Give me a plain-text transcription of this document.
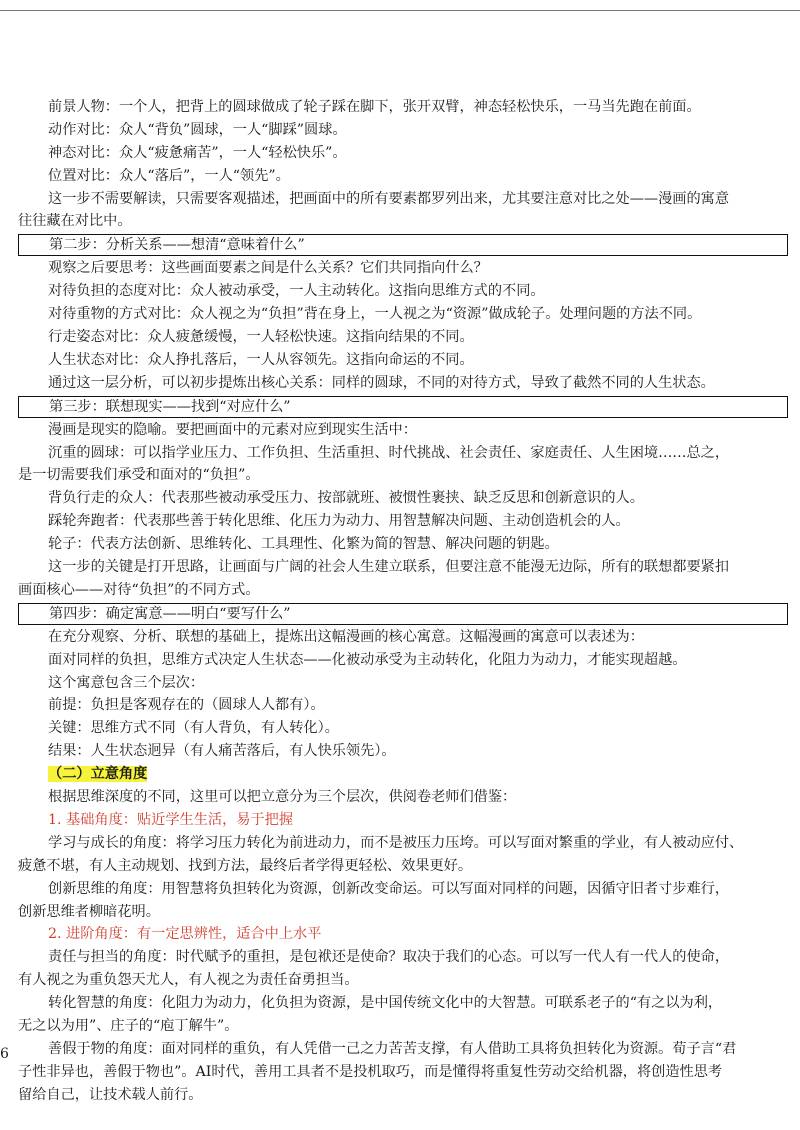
前景人物：一个人，把背上的圆球做成了轮子踩在脚下，张开双臂，神态轻松快乐，一马当先跑在前面。
动作对比：众人“背负”圆球，一人“脚踩”圆球。
神态对比：众人“疲惫痛苦”，一人“轻松快乐”。
位置对比：众人“落后”，一人“领先”。
这一步不需要解读，只需要客观描述，把画面中的所有要素都罗列出来，尤其要注意对比之处——漫画的寓意
往往藏在对比中。
第二步：分析关系——想清“意味着什么”
观察之后要思考：这些画面要素之间是什么关系？它们共同指向什么？
对待负担的态度对比：众人被动承受，一人主动转化。这指向思维方式的不同。
对待重物的方式对比：众人视之为“负担”背在身上，一人视之为“资源”做成轮子。处理问题的方法不同。
行走姿态对比：众人疲惫缓慢，一人轻松快速。这指向结果的不同。
人生状态对比：众人挣扎落后，一人从容领先。这指向命运的不同。
通过这一层分析，可以初步提炼出核心关系：同样的圆球，不同的对待方式，导致了截然不同的人生状态。
第三步：联想现实——找到“对应什么”
漫画是现实的隐喻。要把画面中的元素对应到现实生活中：
沉重的圆球：可以指学业压力、工作负担、生活重担、时代挑战、社会责任、家庭责任、人生困境……总之，
是一切需要我们承受和面对的“负担”。
背负行走的众人：代表那些被动承受压力、按部就班、被惯性裹挟、缺乏反思和创新意识的人。
踩轮奔跑者：代表那些善于转化思维、化压力为动力、用智慧解决问题、主动创造机会的人。
轮子：代表方法创新、思维转化、工具理性、化繁为简的智慧、解决问题的钥匙。
这一步的关键是打开思路，让画面与广阔的社会人生建立联系，但要注意不能漫无边际，所有的联想都要紧扣
画面核心——对待“负担”的不同方式。
第四步：确定寓意——明白“要写什么”
在充分观察、分析、联想的基础上，提炼出这幅漫画的核心寓意。这幅漫画的寓意可以表述为：
面对同样的负担，思维方式决定人生状态——化被动承受为主动转化，化阻力为动力，才能实现超越。
这个寓意包含三个层次：
前提：负担是客观存在的（圆球人人都有）。
关键：思维方式不同（有人背负，有人转化）。
结果：人生状态迥异（有人痛苦落后，有人快乐领先）。
（二）立意角度
根据思维深度的不同，这里可以把立意分为三个层次，供阅卷老师们借鉴：
1. 基础角度：贴近学生生活，易于把握
学习与成长的角度：将学习压力转化为前进动力，而不是被压力压垮。可以写面对繁重的学业，有人被动应付、
疲惫不堪，有人主动规划、找到方法，最终后者学得更轻松、效果更好。
创新思维的角度：用智慧将负担转化为资源，创新改变命运。可以写面对同样的问题，因循守旧者寸步难行，
创新思维者柳暗花明。
2. 进阶角度：有一定思辨性，适合中上水平
责任与担当的角度：时代赋予的重担，是包袱还是使命？取决于我们的心态。可以写一代人有一代人的使命，
有人视之为重负怨天尤人，有人视之为责任奋勇担当。
转化智慧的角度：化阻力为动力，化负担为资源，是中国传统文化中的大智慧。可联系老子的“有之以为利，
无之以为用”、庄子的“庖丁解牛”。
善假于物的角度：面对同样的重负，有人凭借一己之力苦苦支撑，有人借助工具将负担转化为资源。荀子言“君
子性非异也，善假于物也”。AI时代，善用工具者不是投机取巧，而是懂得将重复性劳动交给机器，将创造性思考
留给自己，让技术载人前行。
6
